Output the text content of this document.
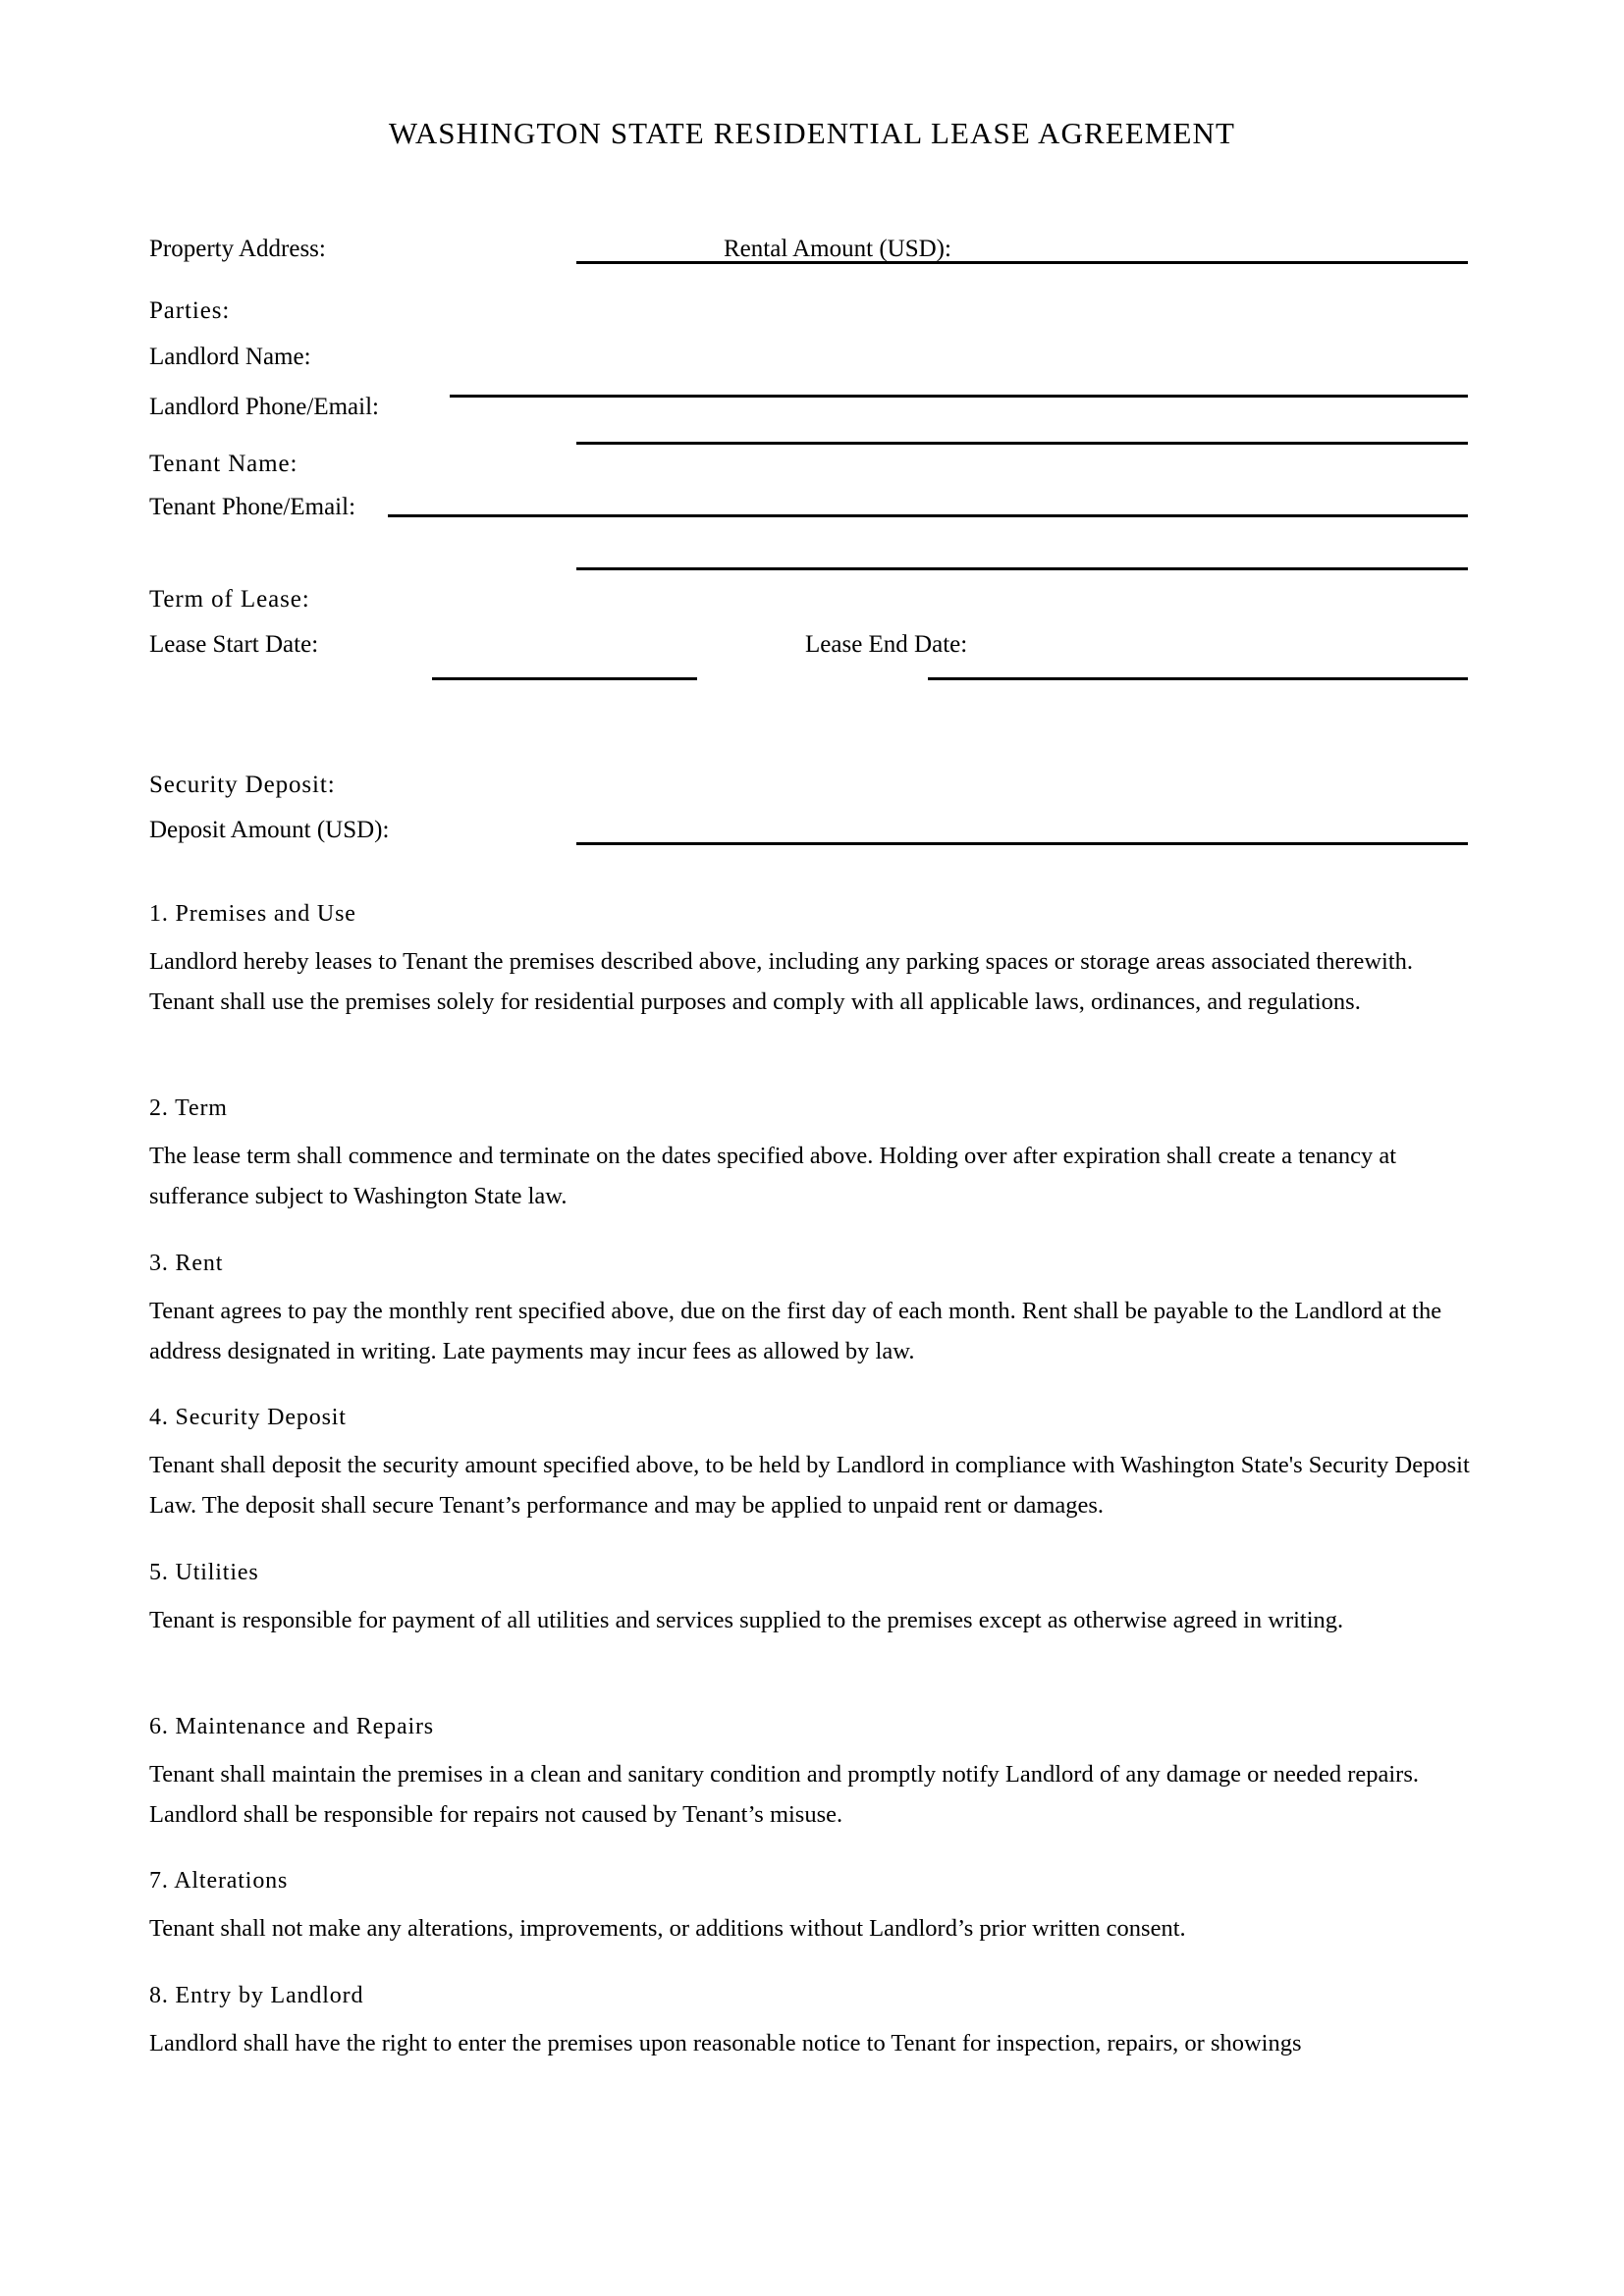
WASHINGTON STATE RESIDENTIAL LEASE AGREEMENT
Property Address:	Rental Amount (USD):
Parties:
Landlord Name:
Landlord Phone/Email:
Tenant Name:
Tenant Phone/Email:
Term of Lease:
Lease Start Date:	Lease End Date:
Security Deposit:
Deposit Amount (USD):
1. Premises and Use

Landlord hereby leases to Tenant the premises described above, including any parking spaces or storage areas associated therewith. Tenant shall use the premises solely for residential purposes and comply with all applicable laws, ordinances, and regulations.

2. Term

The lease term shall commence and terminate on the dates specified above. Holding over after expiration shall create a tenancy at sufferance subject to Washington State law.

3. Rent

Tenant agrees to pay the monthly rent specified above, due on the first day of each month. Rent shall be payable to the Landlord at the address designated in writing. Late payments may incur fees as allowed by law.

4. Security Deposit

Tenant shall deposit the security amount specified above, to be held by Landlord in compliance with Washington State's Security Deposit Law. The deposit shall secure Tenant’s performance and may be applied to unpaid rent or damages.

5. Utilities

Tenant is responsible for payment of all utilities and services supplied to the premises except as otherwise agreed in writing.

6. Maintenance and Repairs

Tenant shall maintain the premises in a clean and sanitary condition and promptly notify Landlord of any damage or needed repairs. Landlord shall be responsible for repairs not caused by Tenant’s misuse.

7. Alterations

Tenant shall not make any alterations, improvements, or additions without Landlord’s prior written consent.

8. Entry by Landlord

Landlord shall have the right to enter the premises upon reasonable notice to Tenant for inspection, repairs, or showings
